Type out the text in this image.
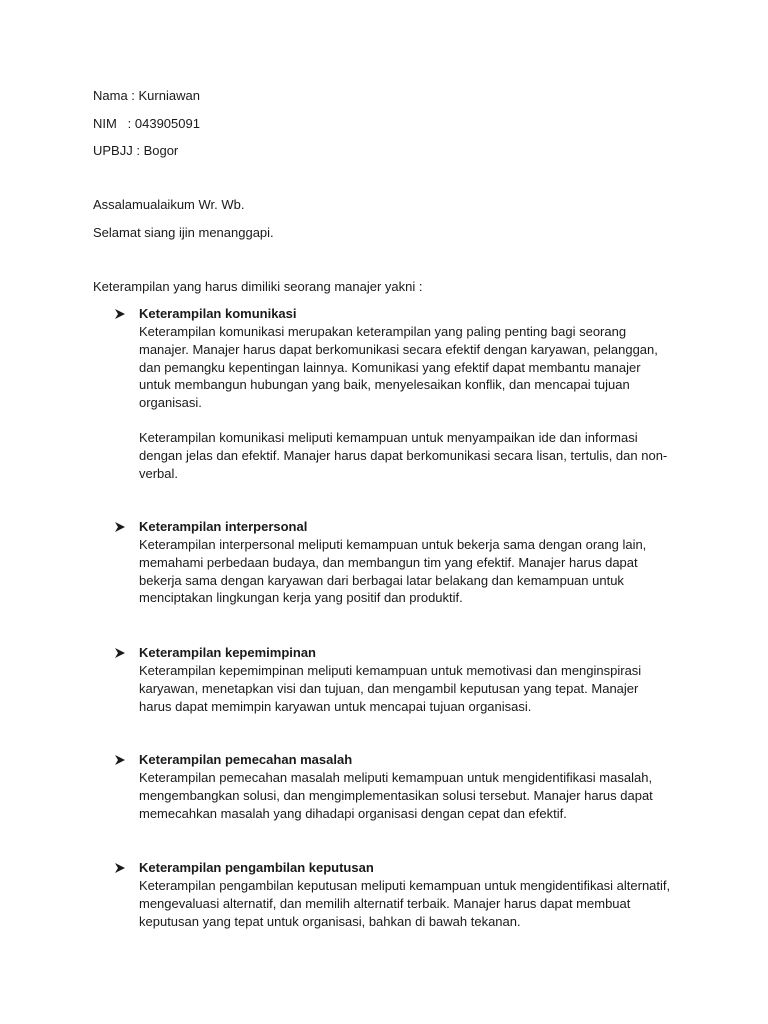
Nama : Kurniawan
NIM   : 043905091
UPBJJ : Bogor
Assalamualaikum Wr. Wb.
Selamat siang ijin menanggapi.
Keterampilan yang harus dimiliki seorang manajer yakni :
Keterampilan komunikasi

Keterampilan komunikasi merupakan keterampilan yang paling penting bagi seorang manajer. Manajer harus dapat berkomunikasi secara efektif dengan karyawan, pelanggan, dan pemangku kepentingan lainnya. Komunikasi yang efektif dapat membantu manajer untuk membangun hubungan yang baik, menyelesaikan konflik, dan mencapai tujuan organisasi.

Keterampilan komunikasi meliputi kemampuan untuk menyampaikan ide dan informasi dengan jelas dan efektif. Manajer harus dapat berkomunikasi secara lisan, tertulis, dan non-verbal.

Keterampilan interpersonal

Keterampilan interpersonal meliputi kemampuan untuk bekerja sama dengan orang lain, memahami perbedaan budaya, dan membangun tim yang efektif. Manajer harus dapat bekerja sama dengan karyawan dari berbagai latar belakang dan kemampuan untuk menciptakan lingkungan kerja yang positif dan produktif.

Keterampilan kepemimpinan

Keterampilan kepemimpinan meliputi kemampuan untuk memotivasi dan menginspirasi karyawan, menetapkan visi dan tujuan, dan mengambil keputusan yang tepat. Manajer harus dapat memimpin karyawan untuk mencapai tujuan organisasi.

Keterampilan pemecahan masalah

Keterampilan pemecahan masalah meliputi kemampuan untuk mengidentifikasi masalah, mengembangkan solusi, dan mengimplementasikan solusi tersebut. Manajer harus dapat memecahkan masalah yang dihadapi organisasi dengan cepat dan efektif.

Keterampilan pengambilan keputusan

Keterampilan pengambilan keputusan meliputi kemampuan untuk mengidentifikasi alternatif, mengevaluasi alternatif, dan memilih alternatif terbaik. Manajer harus dapat membuat keputusan yang tepat untuk organisasi, bahkan di bawah tekanan.
